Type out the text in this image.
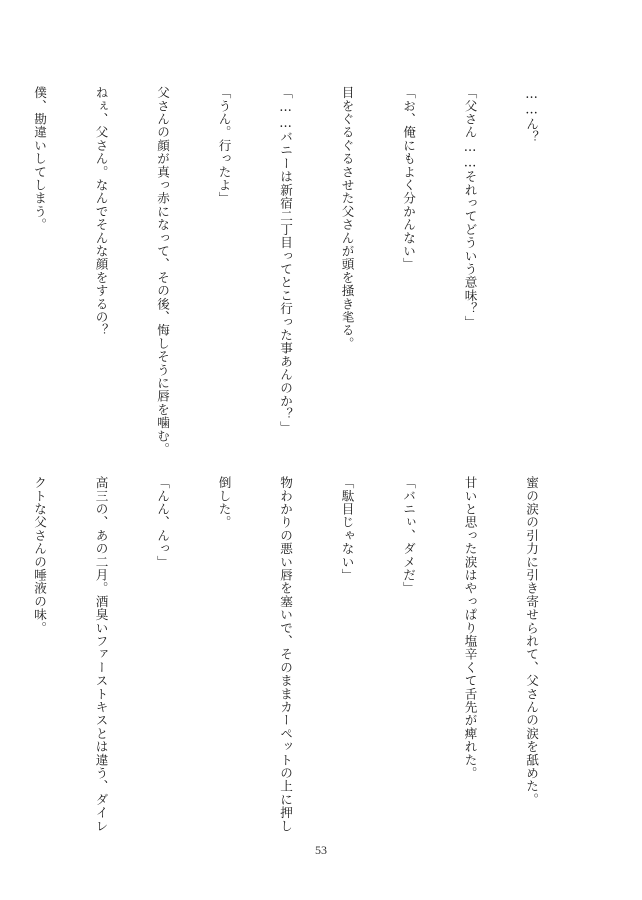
……ん？

「父さん……それってどういう意味？」

「お、俺にもよく分かんない」

目をぐるぐるさせた父さんが頭を掻き毟る。

「……バニーは新宿二丁目ってとこ行った事あんのか？」

「うん。行ったよ」

父さんの顔が真っ赤になって、その後、悔しそうに唇を噛む。

ねぇ、父さん。なんでそんな顔をするの？

僕、勘違いしてしまう。

蜜の涙の引力に引き寄せられて、父さんの涙を舐めた。

甘いと思った涙はやっぱり塩辛くて舌先が痺れた。

「バニぃ、ダメだ」

「駄目じゃない」

物わかりの悪い唇を塞いで、そのままカーペットの上に押し

倒した。

「んん、んっ」

高三の、あの二月。酒臭いファーストキスとは違う、ダイレ

クトな父さんの唾液の味。

53
